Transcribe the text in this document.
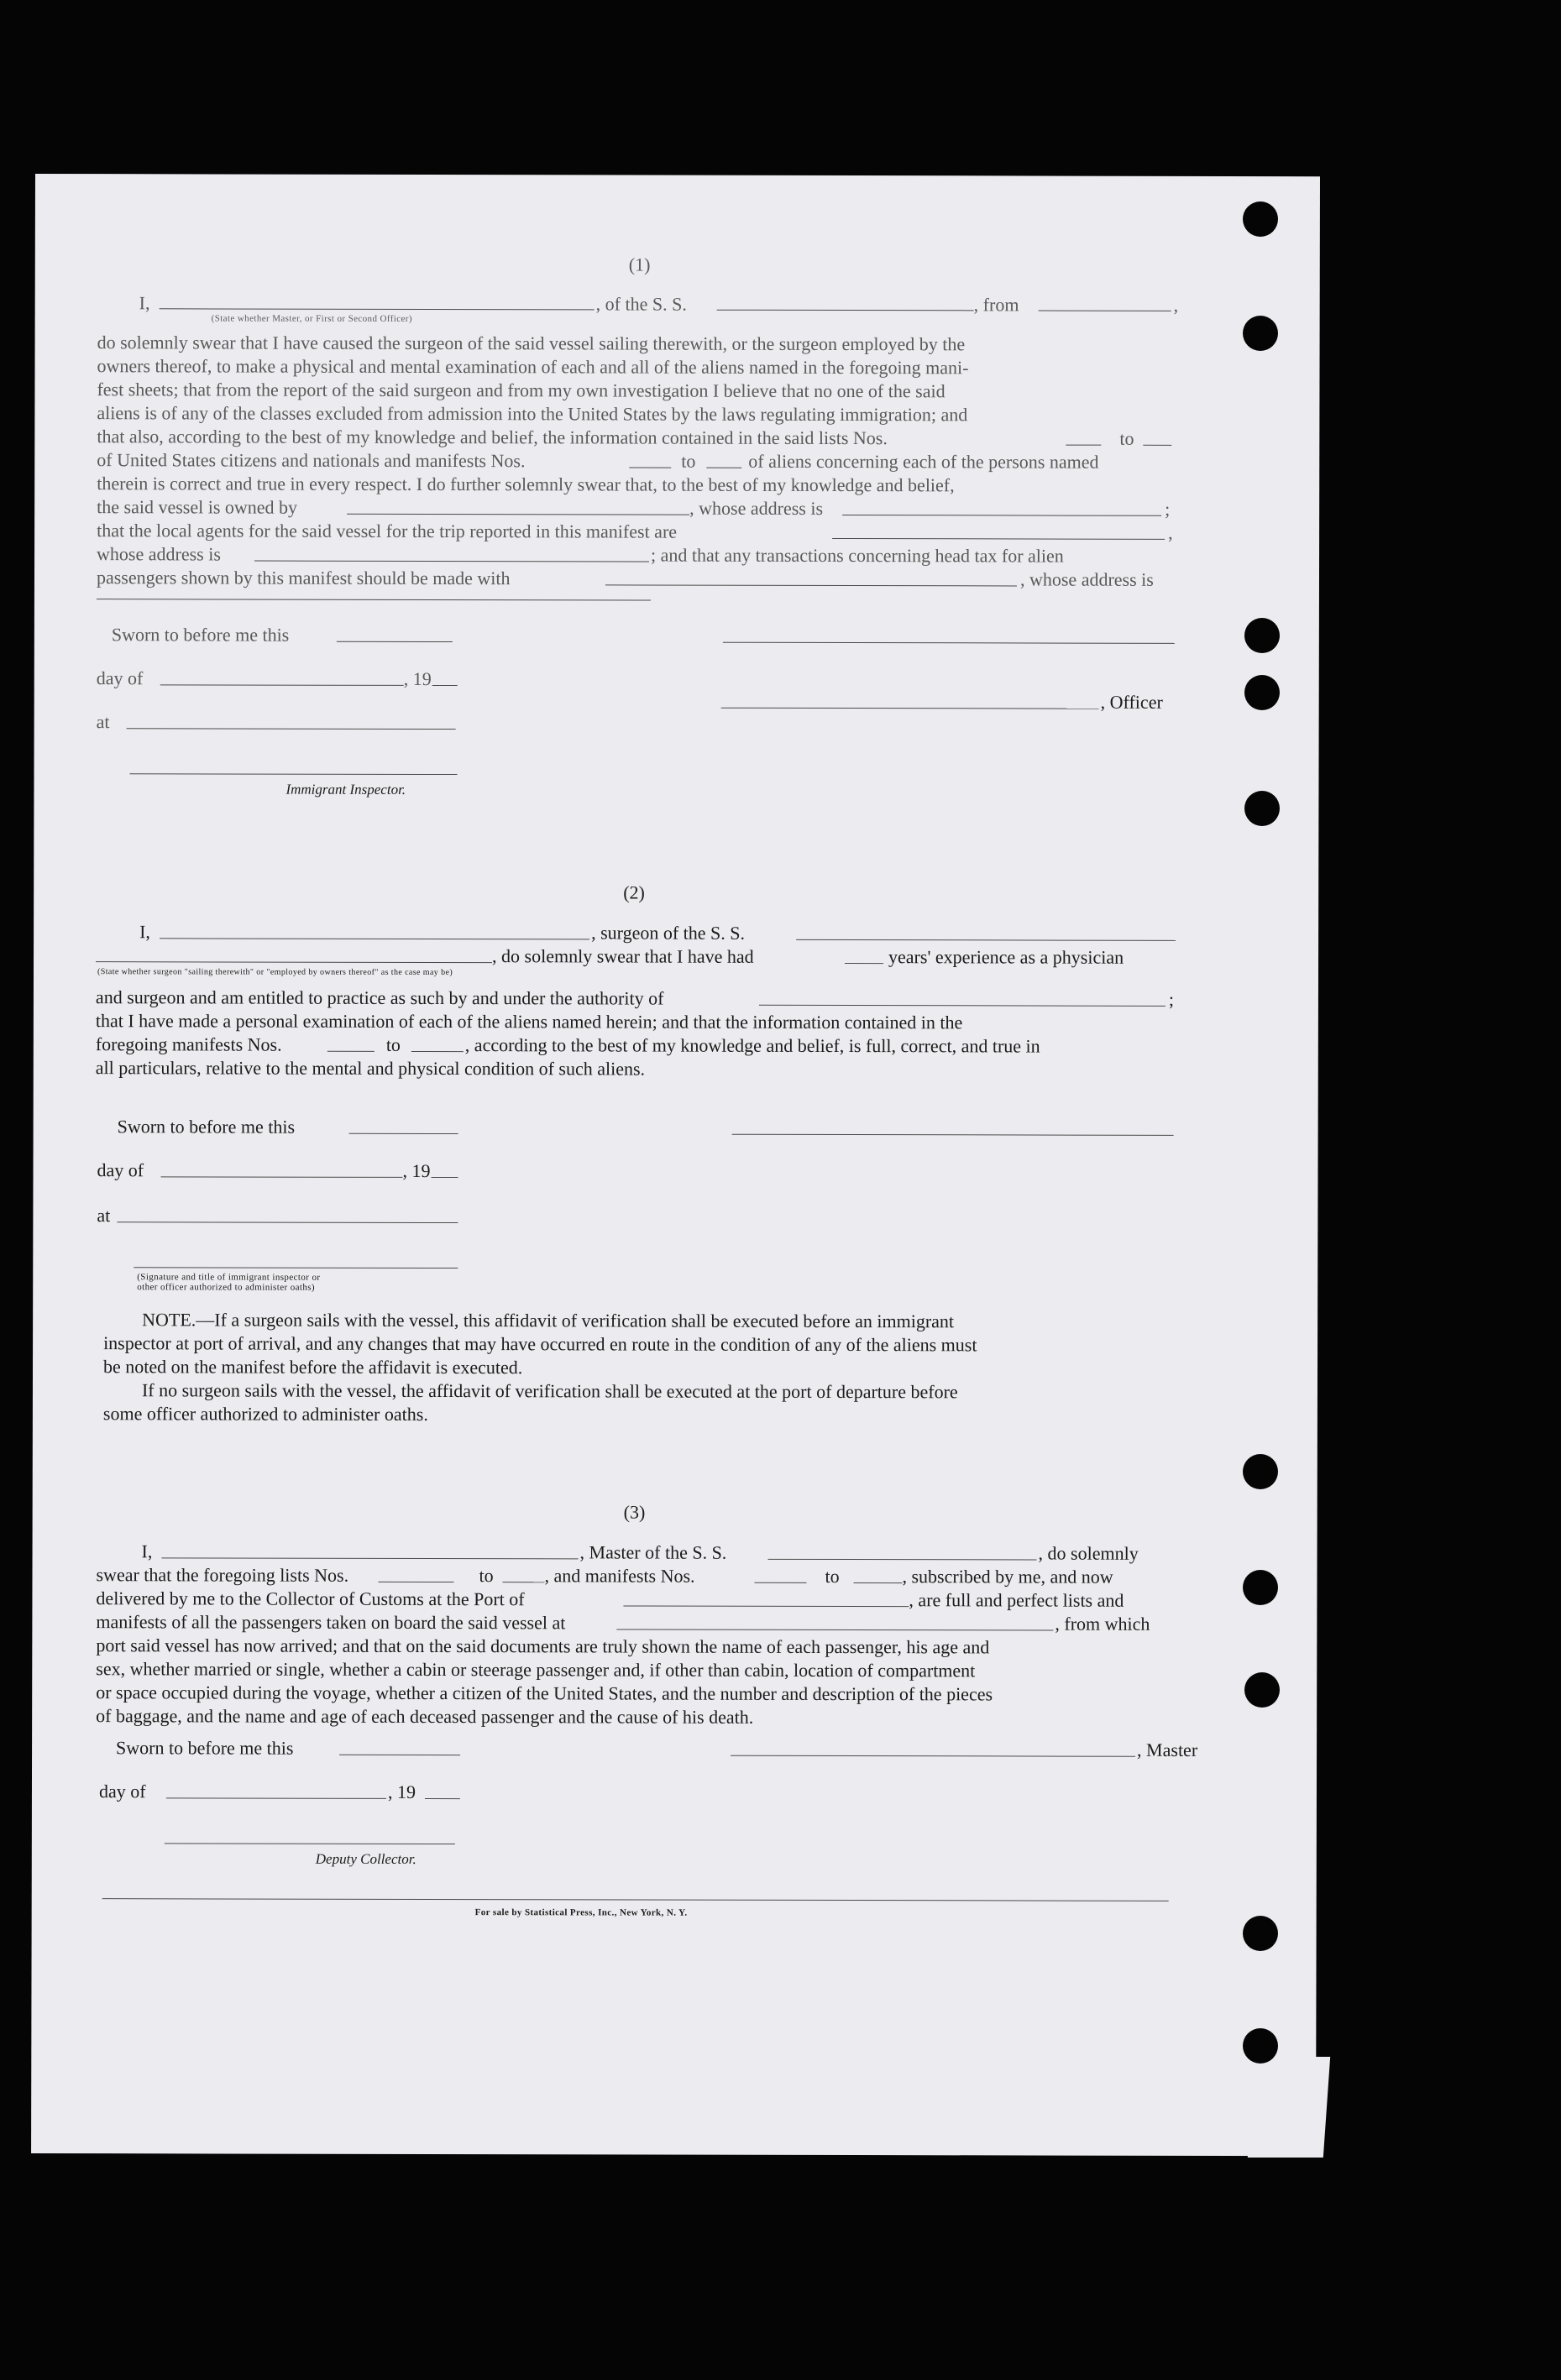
(1)
I,	, of the S. S.	, from	,
(State whether Master, or First or Second Officer)
do solemnly swear that I have caused the surgeon of the said vessel sailing therewith, or the surgeon employed by the
owners thereof, to make a physical and mental examination of each and all of the aliens named in the foregoing mani-
fest sheets; that from the report of the said surgeon and from my own investigation I believe that no one of the said
aliens is of any of the classes excluded from admission into the United States by the laws regulating immigration; and
that also, according to the best of my knowledge and belief, the information contained in the said lists Nos.	to
of United States citizens and nationals and manifests Nos.	to	of aliens concerning each of the persons named
therein is correct and true in every respect. I do further solemnly swear that, to the best of my knowledge and belief,
the said vessel is owned by	, whose address is	;
that the local agents for the said vessel for the trip reported in this manifest are	,
whose address is	; and that any transactions concerning head tax for alien
passengers shown by this manifest should be made with	, whose address is
Sworn to before me this
day of	, 19
, Officer
at
Immigrant Inspector.
(2)
I,	, surgeon of the S. S.
, do solemnly swear that I have had	years' experience as a physician
(State whether surgeon "sailing therewith" or "employed by owners thereof" as the case may be)
and surgeon and am entitled to practice as such by and under the authority of	;
that I have made a personal examination of each of the aliens named herein; and that the information contained in the
foregoing manifests Nos.	to	, according to the best of my knowledge and belief, is full, correct, and true in
all particulars, relative to the mental and physical condition of such aliens.
Sworn to before me this
day of	, 19
at
(Signature and title of immigrant inspector or
other officer authorized to administer oaths)
NOTE.—If a surgeon sails with the vessel, this affidavit of verification shall be executed before an immigrant
inspector at port of arrival, and any changes that may have occurred en route in the condition of any of the aliens must
be noted on the manifest before the affidavit is executed.
If no surgeon sails with the vessel, the affidavit of verification shall be executed at the port of departure before
some officer authorized to administer oaths.
(3)
I,	, Master of the S. S.	, do solemnly
swear that the foregoing lists Nos.	to	, and manifests Nos.	to	, subscribed by me, and now
delivered by me to the Collector of Customs at the Port of	, are full and perfect lists and
manifests of all the passengers taken on board the said vessel at	, from which
port said vessel has now arrived; and that on the said documents are truly shown the name of each passenger, his age and
sex, whether married or single, whether a cabin or steerage passenger and, if other than cabin, location of compartment
or space occupied during the voyage, whether a citizen of the United States, and the number and description of the pieces
of baggage, and the name and age of each deceased passenger and the cause of his death.
Sworn to before me this	, Master
day of	, 19
Deputy Collector.
For sale by Statistical Press, Inc., New York, N. Y.
